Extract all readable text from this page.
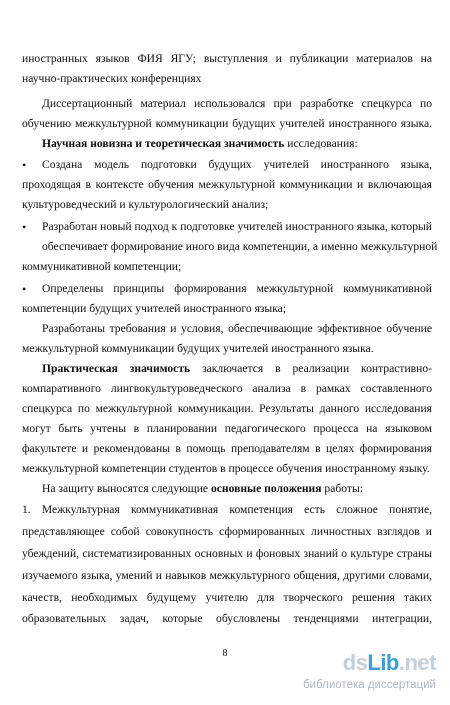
иностранных языков ФИЯ ЯГУ; выступления и публикации материалов на
научно-практических конференциях
Диссертационный материал использовался при разработке спецкурса по
обучению межкультурной коммуникации будущих учителей иностранного языка.
Научная новизна и теоретическая значимость исследования:
•	Создана модель подготовки будущих учителей иностранного языка,
проходящая в контексте обучения межкультурной коммуникации и включающая
культуроведческий и культурологический анализ;
•	Разработан новый подход к подготовке учителей иностранного языка, который
обеспечивает формирование иного вида компетенции, а именно межкультурной
коммуникативной компетенции;
•	Определены принципы формирования межкультурной коммуникативной
компетенции будущих учителей иностранного языка;
Разработаны требования и условия, обеспечивающие эффективное обучение
межкультурной коммуникации будущих учителей иностранного языка.
Практическая значимость заключается в реализации контрастивно-
компаративного лингвокультуроведческого анализа в рамках составленного
спецкурса по межкультурной коммуникации. Результаты данного исследования
могут быть учтены в планировании педагогического процесса на языковом
факультете и рекомендованы в помощь преподавателям в целях формирования
межкультурной компетенции студентов в процессе обучения иностранному языку.
На защиту выносятся следующие основные положения работы:
1. Межкультурная коммуникативная компетенция есть сложное понятие,
представляющее собой совокупность сформированных личностных взглядов и
убеждений, систематизированных основных и фоновых знаний о культуре страны
изучаемого языка, умений и навыков межкультурного общения, другими словами,
качеств, необходимых будущему учителю для творческого решения таких
образовательных задач, которые обусловлены тенденциями интеграции,
8	dsLib.net
библиотека диссертаций
